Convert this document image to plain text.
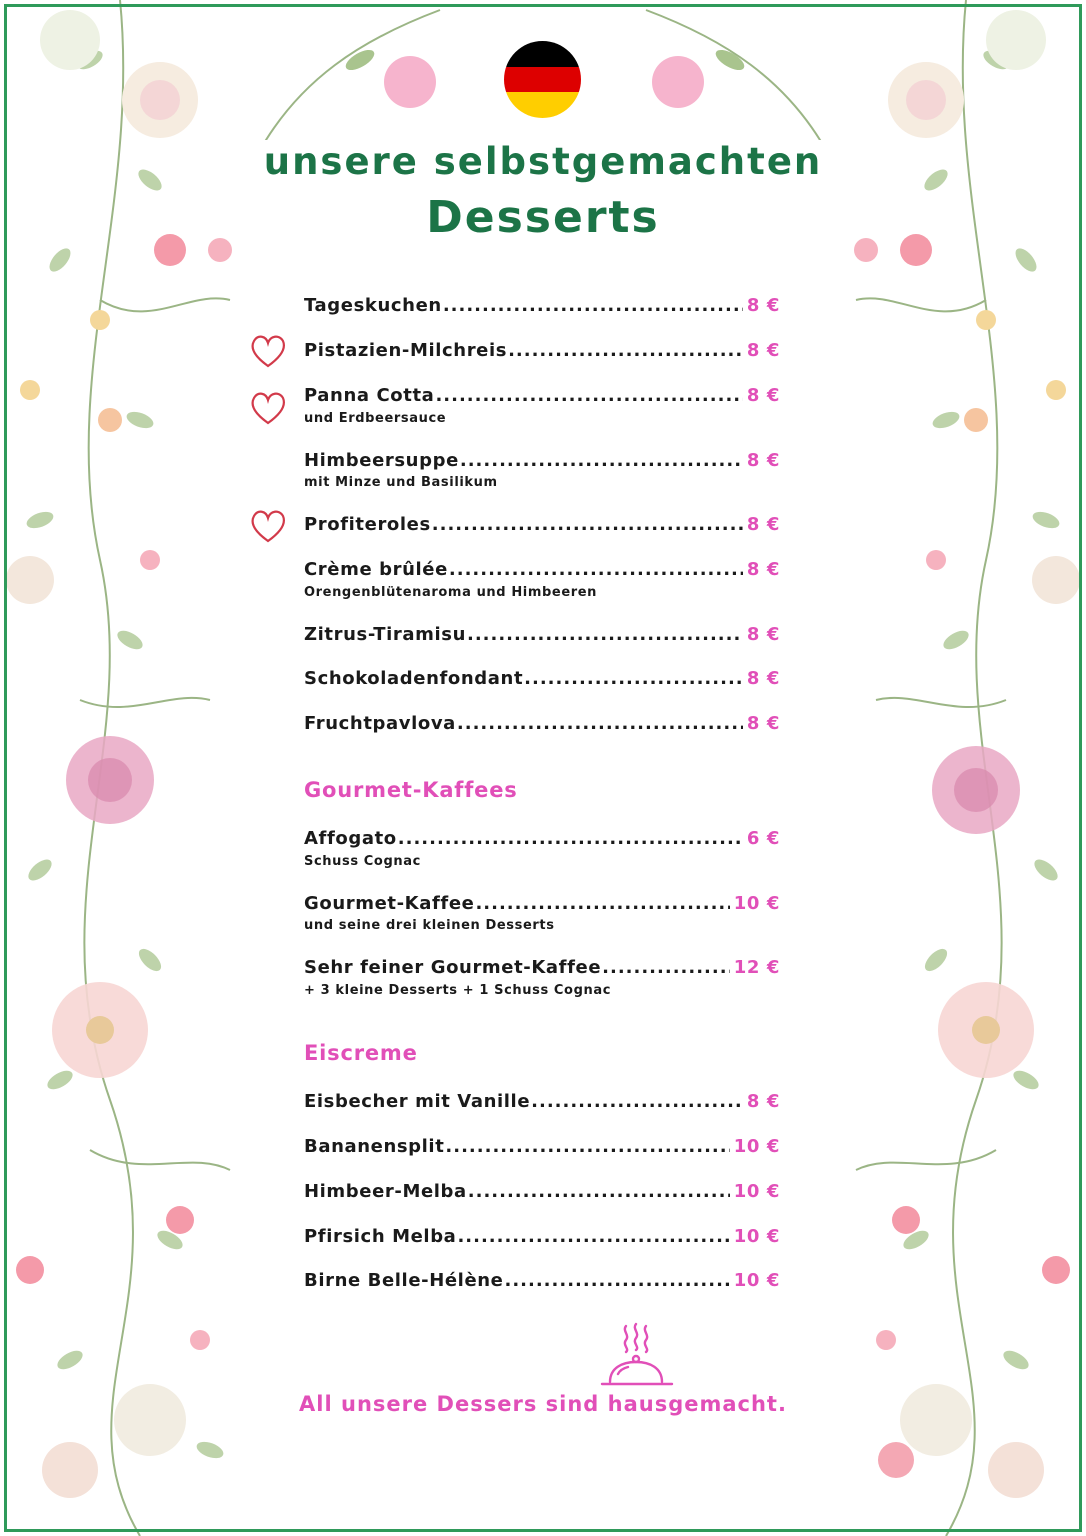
unsere selbstgemachten
Desserts
Tageskuchen .....	8 €
Pistazien-Milchreis .....	8 €
Panna Cotta .....	8 €
und Erdbeersauce
Himbeersuppe .....	8 €
mit Minze und Basilikum
Profiteroles .....	8 €
Crème brûlée .....	8 €
Orengenblütenaroma und Himbeeren
Zitrus-Tiramisu .....	8 €
Schokoladenfondant .....	8 €
Fruchtpavlova .....	8 €
Gourmet-Kaffees
Affogato .....	6 €
Schuss Cognac
Gourmet-Kaffee .....	10 €
und seine drei kleinen Desserts
Sehr feiner Gourmet-Kaffee .....	12 €
+ 3 kleine Desserts + 1 Schuss Cognac
Eiscreme
Eisbecher mit Vanille .....	8 €
Bananensplit .....	10 €
Himbeer-Melba .....	10 €
Pfirsich Melba .....	10 €
Birne Belle-Hélène .....	10 €
All unsere Dessers sind hausgemacht.
